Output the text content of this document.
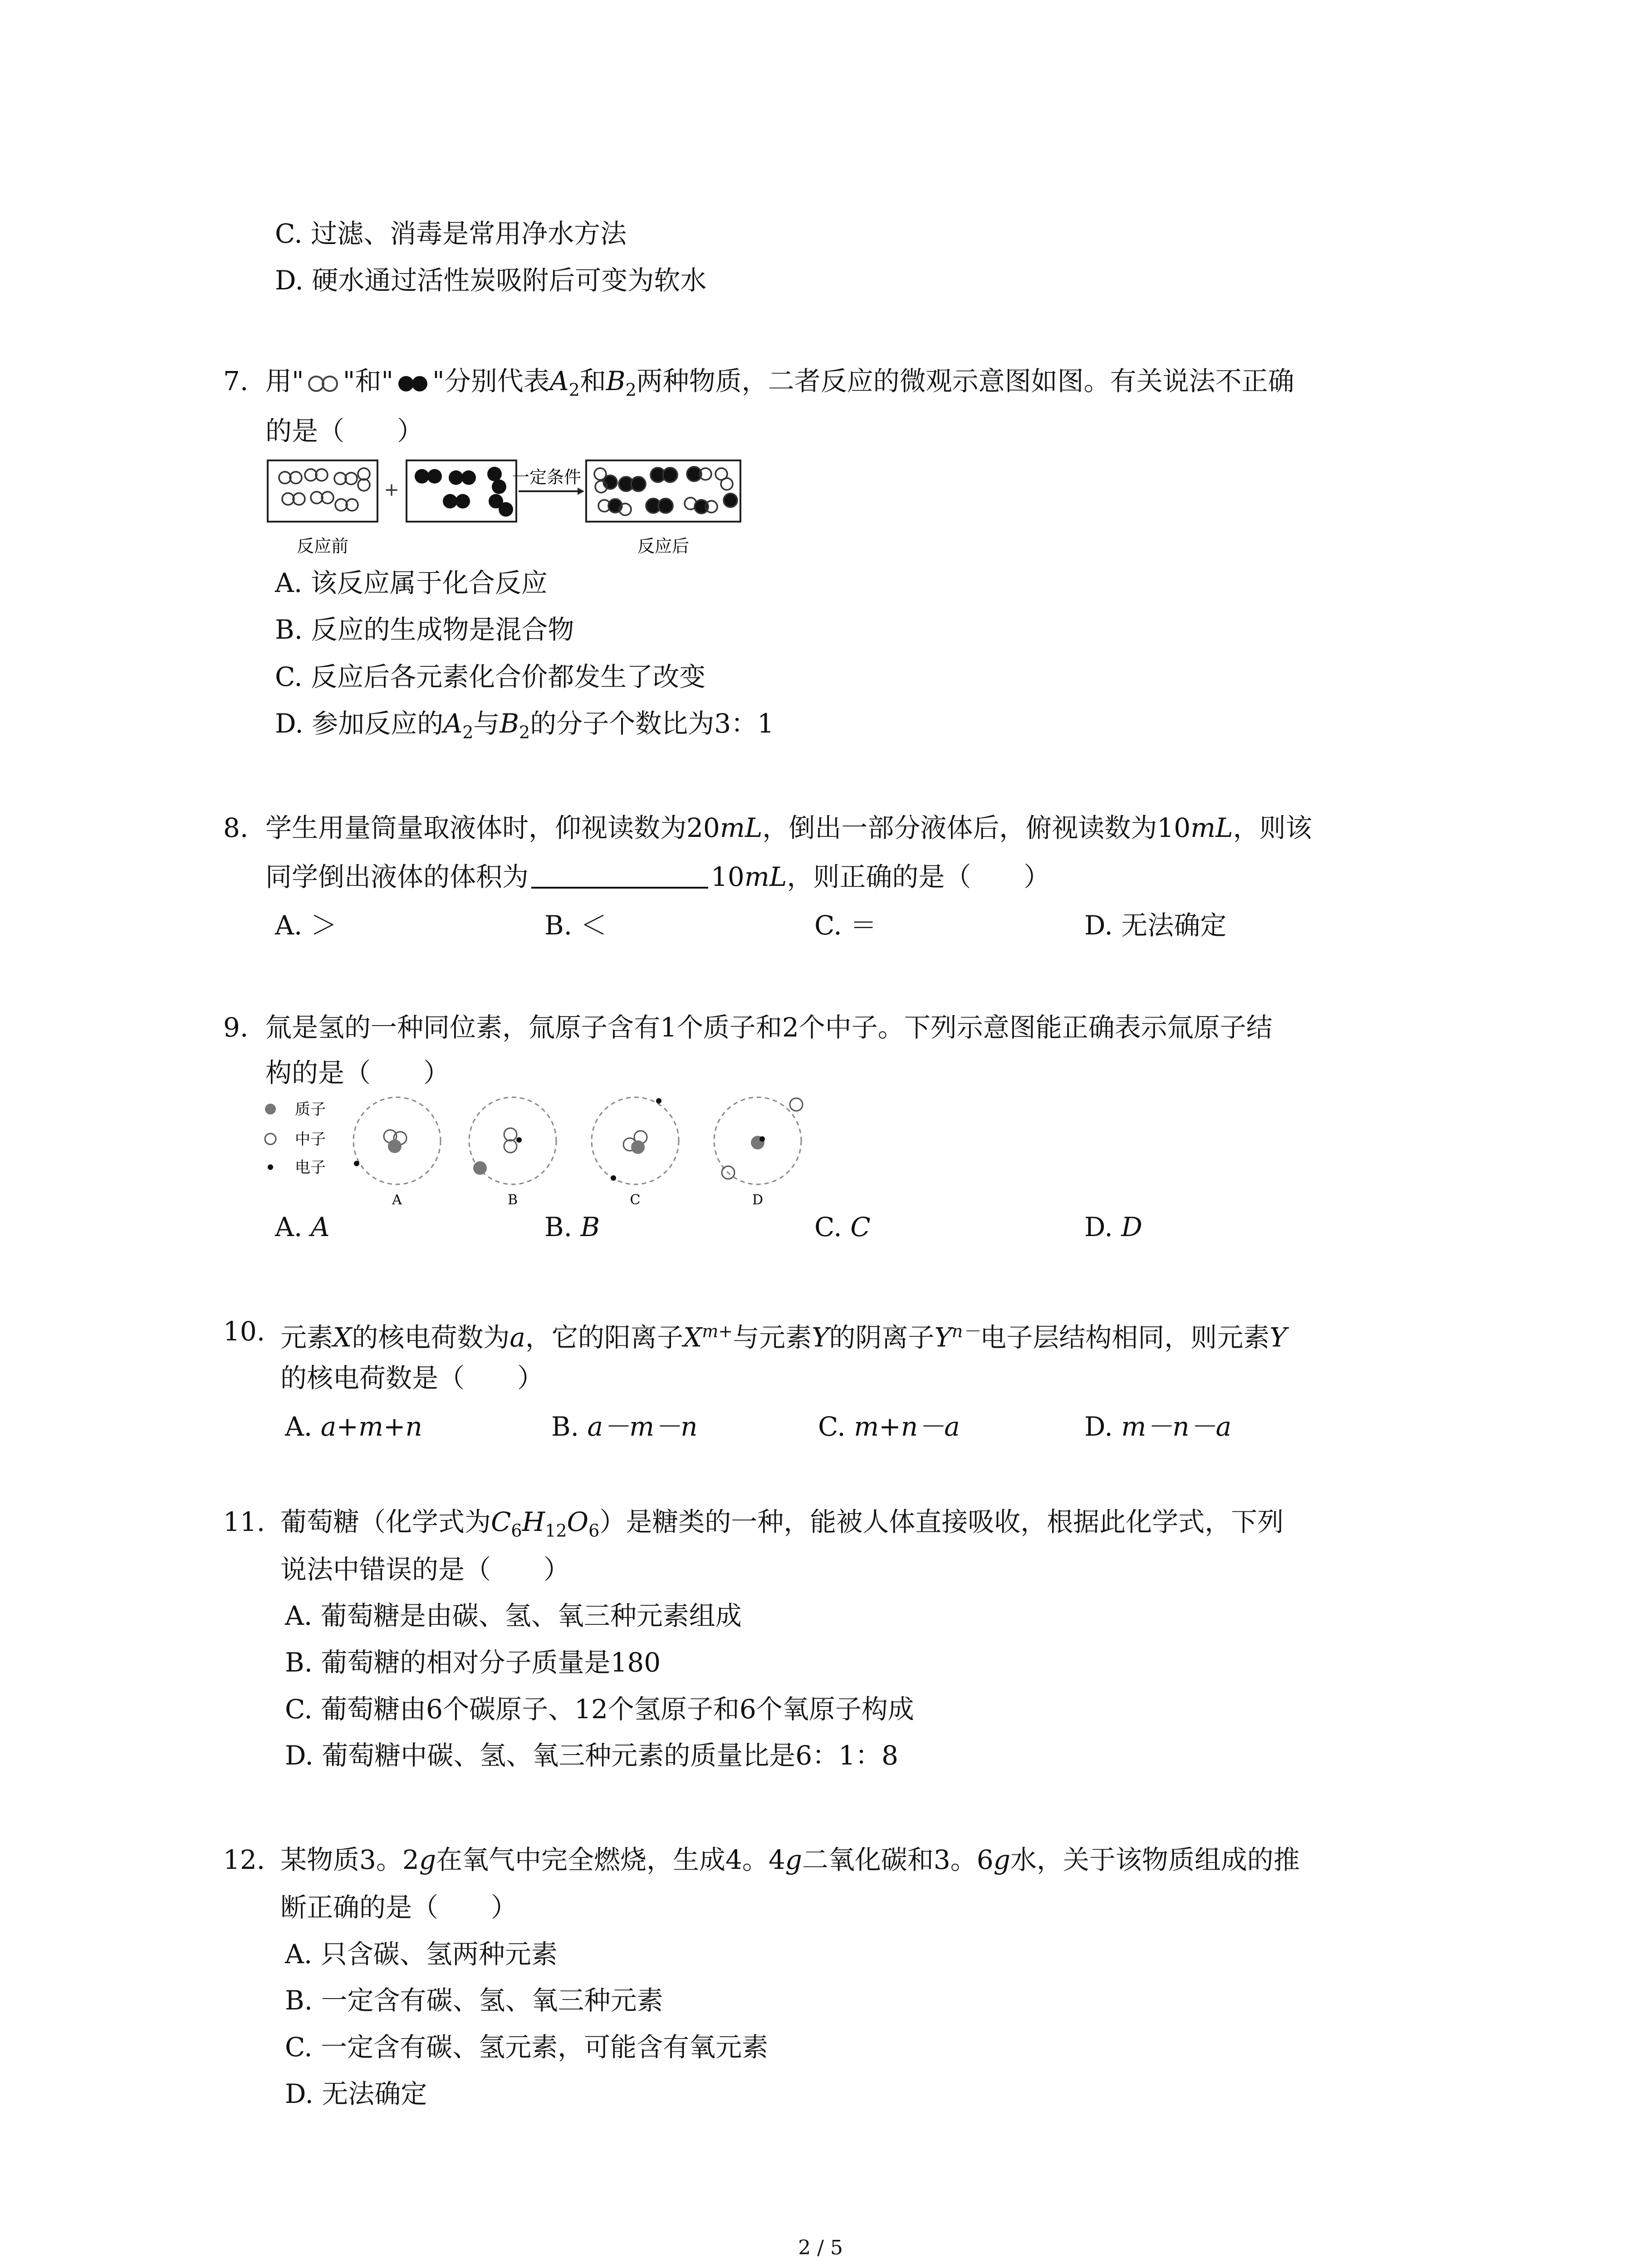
C. 过滤、消毒是常用净水方法
D. 硬水通过活性炭吸附后可变为软水
7. 用" "和" "分别代表$A_2$和$B_2$两种物质，二者反应的微观示意图如图。有关说法不正确
的是（　　）
+
一定条件
反应前	反应后
A. 该反应属于化合反应
B. 反应的生成物是混合物
C. 反应后各元素化合价都发生了改变
D. 参加反应的$A_2$与$B_2$的分子个数比为3：1
8. 学生用量筒量取液体时，仰视读数为20mL，倒出一部分液体后，俯视读数为10mL，则该
同学倒出液体的体积为	10mL，则正确的是（　　）
A. ＞	B. ＜	C. ＝	D. 无法确定
9. 氚是氢的一种同位素，氚原子含有1个质子和2个中子。下列示意图能正确表示氚原子结
构的是（　　）
质子
中子
电子
A	B	C	D
A. A	B. B	C. C	D. D
10. 元素X的核电荷数为a，它的阳离子$X^{m+}$与元素Y的阴离子$Y^{n-}$电子层结构相同，则元素Y
的核电荷数是（　　）
A. a+m+n	B. a－m－n	C. m+n－a	D. m－n－a
11. 葡萄糖（化学式为$C_6H_{12}O_6$）是糖类的一种，能被人体直接吸收，根据此化学式，下列
说法中错误的是（　　）
A. 葡萄糖是由碳、氢、氧三种元素组成
B. 葡萄糖的相对分子质量是180
C. 葡萄糖由6个碳原子、12个氢原子和6个氧原子构成
D. 葡萄糖中碳、氢、氧三种元素的质量比是6：1：8
12. 某物质3。2g在氧气中完全燃烧，生成4。4g二氧化碳和3。6g水，关于该物质组成的推
断正确的是（　　）
A. 只含碳、氢两种元素
B. 一定含有碳、氢、氧三种元素
C. 一定含有碳、氢元素，可能含有氧元素
D. 无法确定
2 / 5
